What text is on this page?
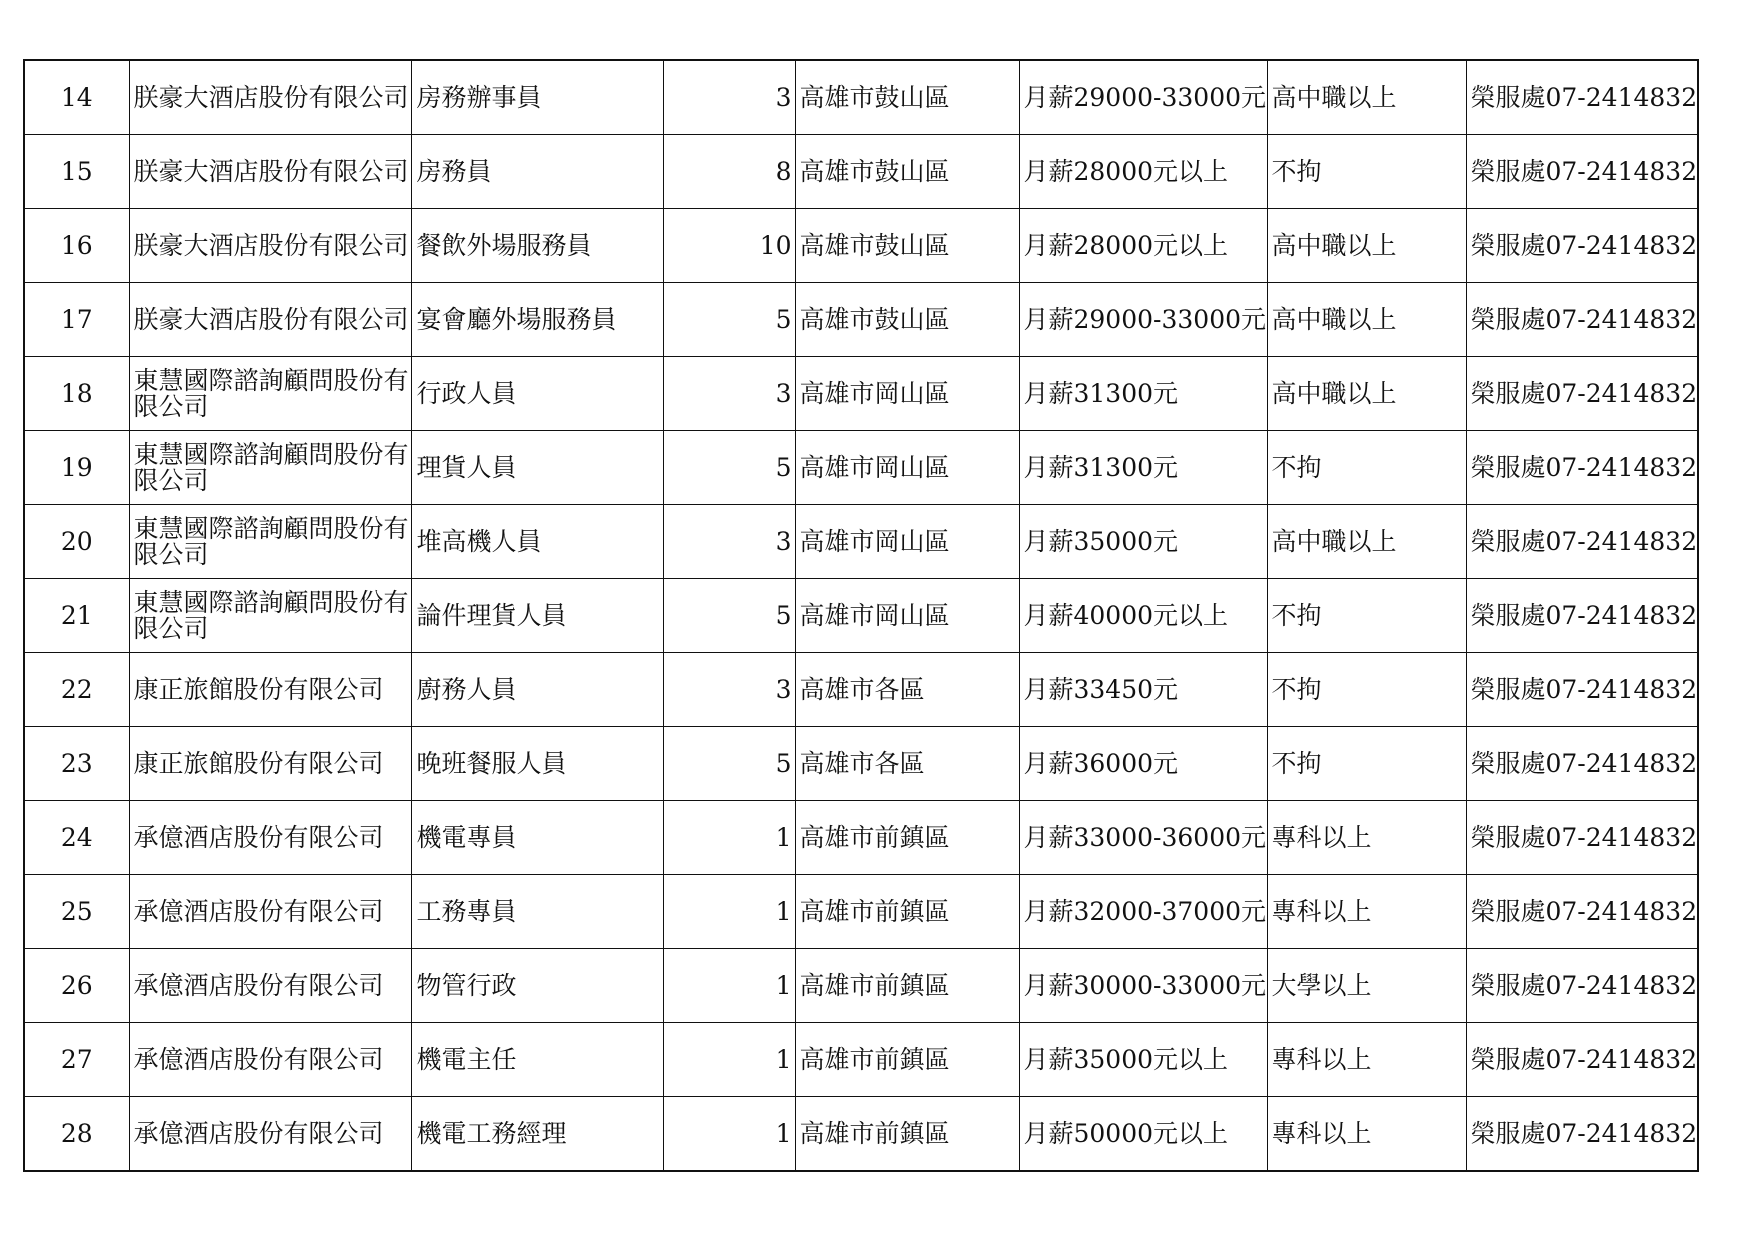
14	朕豪大酒店股份有限公司	房務辦事員	3	高雄市鼓山區	月薪29000-33000元	高中職以上	榮服處07-2414832
15	朕豪大酒店股份有限公司	房務員	8	高雄市鼓山區	月薪28000元以上	不拘	榮服處07-2414832
16	朕豪大酒店股份有限公司	餐飲外場服務員	10	高雄市鼓山區	月薪28000元以上	高中職以上	榮服處07-2414832
17	朕豪大酒店股份有限公司	宴會廳外場服務員	5	高雄市鼓山區	月薪29000-33000元	高中職以上	榮服處07-2414832
18	東慧國際諮詢顧問股份有限公司	行政人員	3	高雄市岡山區	月薪31300元	高中職以上	榮服處07-2414832
19	東慧國際諮詢顧問股份有限公司	理貨人員	5	高雄市岡山區	月薪31300元	不拘	榮服處07-2414832
20	東慧國際諮詢顧問股份有限公司	堆高機人員	3	高雄市岡山區	月薪35000元	高中職以上	榮服處07-2414832
21	東慧國際諮詢顧問股份有限公司	論件理貨人員	5	高雄市岡山區	月薪40000元以上	不拘	榮服處07-2414832
22	康正旅館股份有限公司	廚務人員	3	高雄市各區	月薪33450元	不拘	榮服處07-2414832
23	康正旅館股份有限公司	晚班餐服人員	5	高雄市各區	月薪36000元	不拘	榮服處07-2414832
24	承億酒店股份有限公司	機電專員	1	高雄市前鎮區	月薪33000-36000元	專科以上	榮服處07-2414832
25	承億酒店股份有限公司	工務專員	1	高雄市前鎮區	月薪32000-37000元	專科以上	榮服處07-2414832
26	承億酒店股份有限公司	物管行政	1	高雄市前鎮區	月薪30000-33000元	大學以上	榮服處07-2414832
27	承億酒店股份有限公司	機電主任	1	高雄市前鎮區	月薪35000元以上	專科以上	榮服處07-2414832
28	承億酒店股份有限公司	機電工務經理	1	高雄市前鎮區	月薪50000元以上	專科以上	榮服處07-2414832
